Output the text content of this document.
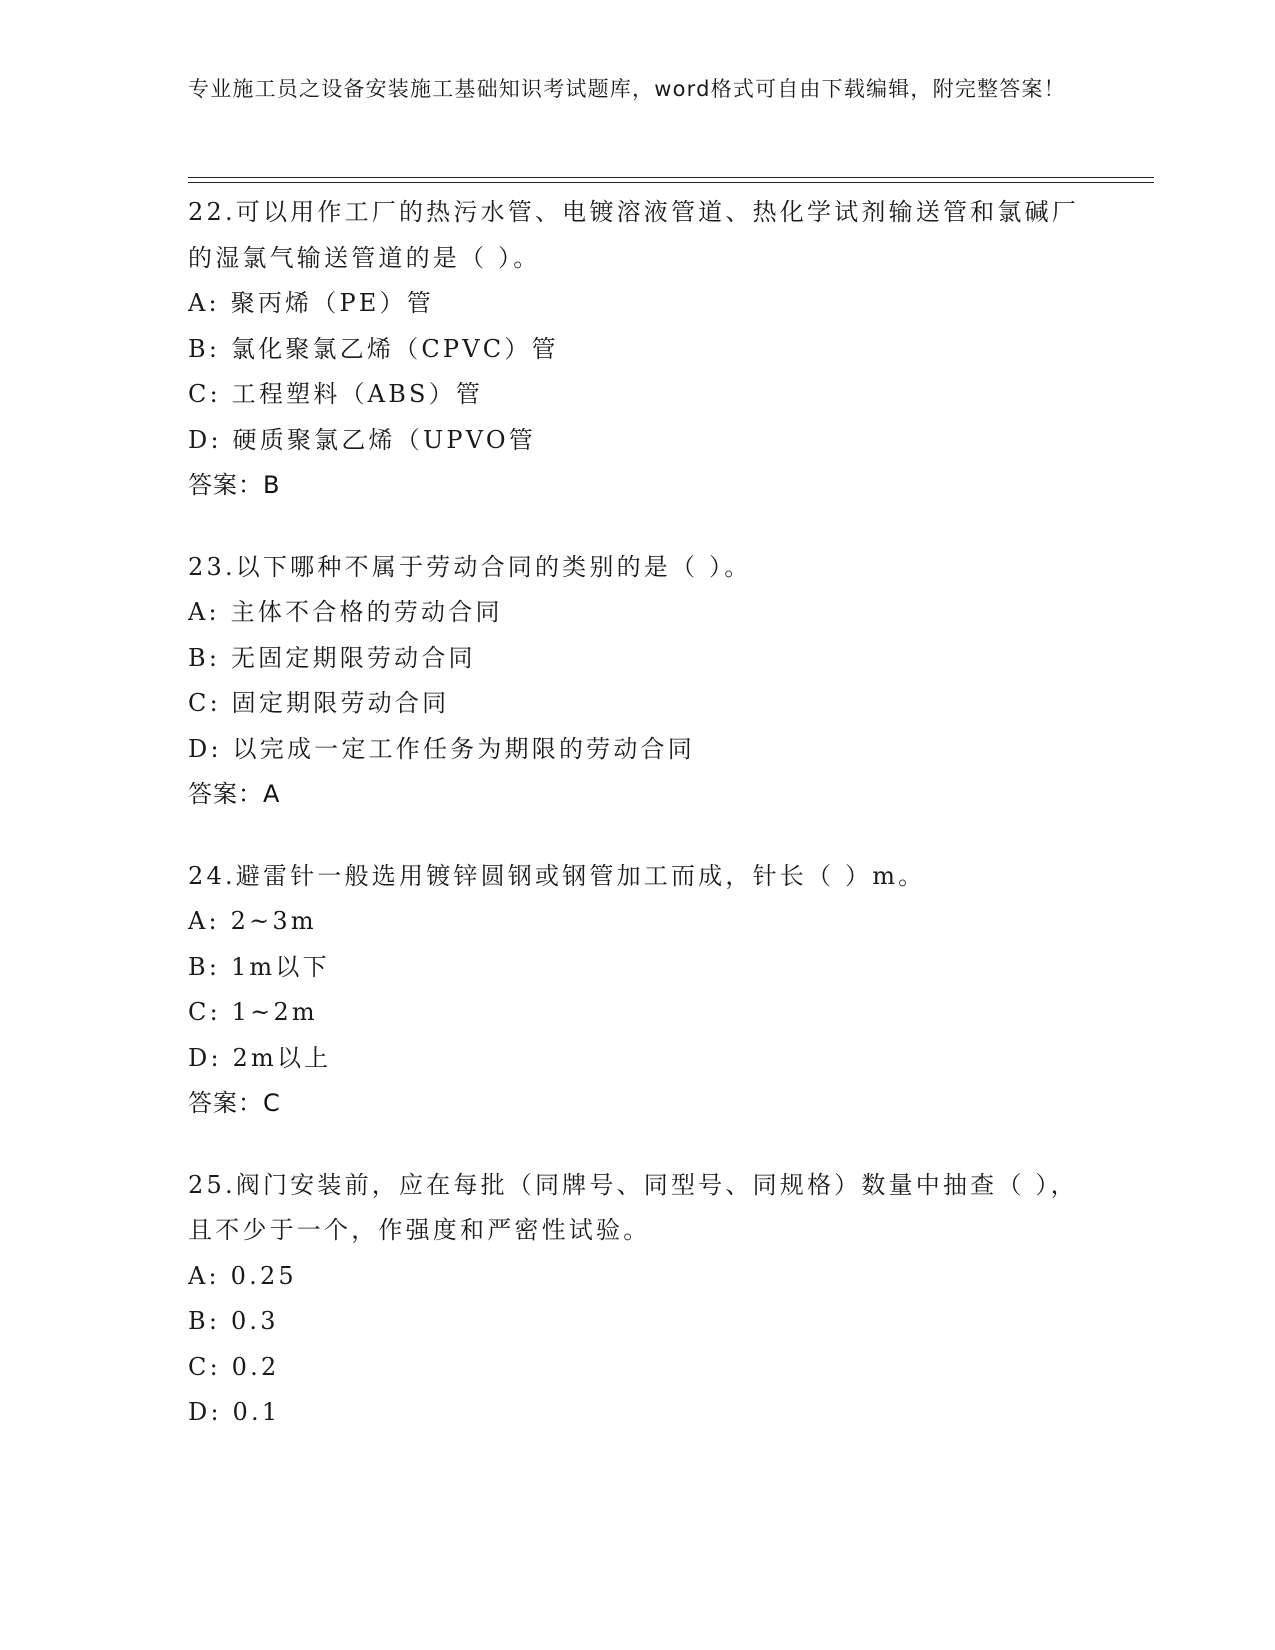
专业施工员之设备安装施工基础知识考试题库，word格式可自由下载编辑，附完整答案！

22.可以用作工厂的热污水管、电镀溶液管道、热化学试剂输送管和氯碱厂的湿氯气输送管道的是（ ）。

A: 聚丙烯（PE）管

B: 氯化聚氯乙烯（CPVC）管

C: 工程塑料（ABS）管

D: 硬质聚氯乙烯（UPVO管

答案：B

23.以下哪种不属于劳动合同的类别的是（ ）。

A: 主体不合格的劳动合同

B: 无固定期限劳动合同

C: 固定期限劳动合同

D: 以完成一定工作任务为期限的劳动合同

答案：A

24.避雷针一般选用镀锌圆钢或钢管加工而成，针长（ ）m。

A: 2~3m

B: 1m以下

C: 1~2m

D: 2m以上

答案：C

25.阀门安装前，应在每批（同牌号、同型号、同规格）数量中抽查（ ），且不少于一个，作强度和严密性试验。

A: 0.25

B: 0.3

C: 0.2

D: 0.1
